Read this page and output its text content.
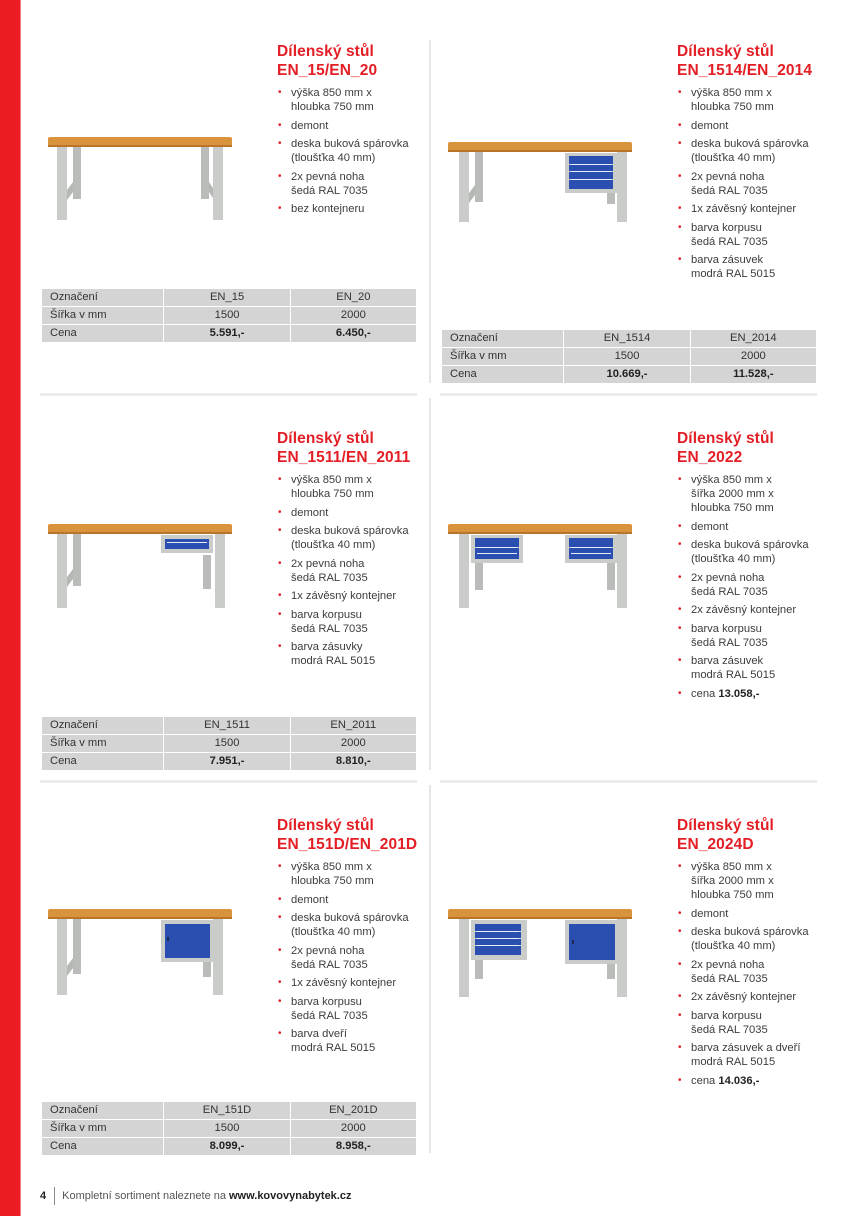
Dílenský stůl
EN_15/EN_20
• výška 850 mm x
hloubka 750 mm
• demont
• deska buková spárovka
(tloušťka 40 mm)
• 2x pevná noha
šedá RAL 7035
• bez kontejneru
Označení	EN_15	EN_20
Šířka v mm	1500	2000
Cena	5.591,-	6.450,-
Dílenský stůl
EN_1514/EN_2014
• výška 850 mm x
hloubka 750 mm
• demont
• deska buková spárovka
(tloušťka 40 mm)
• 2x pevná noha
šedá RAL 7035
• 1x závěsný kontejner
• barva korpusu
šedá RAL 7035
• barva zásuvek
modrá RAL 5015
Označení	EN_1514	EN_2014
Šířka v mm	1500	2000
Cena	10.669,-	11.528,-
Dílenský stůl
EN_1511/EN_2011
• výška 850 mm x
hloubka 750 mm
• demont
• deska buková spárovka
(tloušťka 40 mm)
• 2x pevná noha
šedá RAL 7035
• 1x závěsný kontejner
• barva korpusu
šedá RAL 7035
• barva zásuvky
modrá RAL 5015
Označení	EN_1511	EN_2011
Šířka v mm	1500	2000
Cena	7.951,-	8.810,-
Dílenský stůl
EN_2022
• výška 850 mm x
šířka 2000 mm x
hloubka 750 mm
• demont
• deska buková spárovka
(tloušťka 40 mm)
• 2x pevná noha
šedá RAL 7035
• 2x závěsný kontejner
• barva korpusu
šedá RAL 7035
• barva zásuvek
modrá RAL 5015
• cena 13.058,-
Dílenský stůl
EN_151D/EN_201D
• výška 850 mm x
hloubka 750 mm
• demont
• deska buková spárovka
(tloušťka 40 mm)
• 2x pevná noha
šedá RAL 7035
• 1x závěsný kontejner
• barva korpusu
šedá RAL 7035
• barva dveří
modrá RAL 5015
Označení	EN_151D	EN_201D
Šířka v mm	1500	2000
Cena	8.099,-	8.958,-
Dílenský stůl
EN_2024D
• výška 850 mm x
šířka 2000 mm x
hloubka 750 mm
• demont
• deska buková spárovka
(tloušťka 40 mm)
• 2x pevná noha
šedá RAL 7035
• 2x závěsný kontejner
• barva korpusu
šedá RAL 7035
• barva zásuvek a dveří
modrá RAL 5015
• cena 14.036,-
4 Kompletní sortiment naleznete na www.kovovynabytek.cz
